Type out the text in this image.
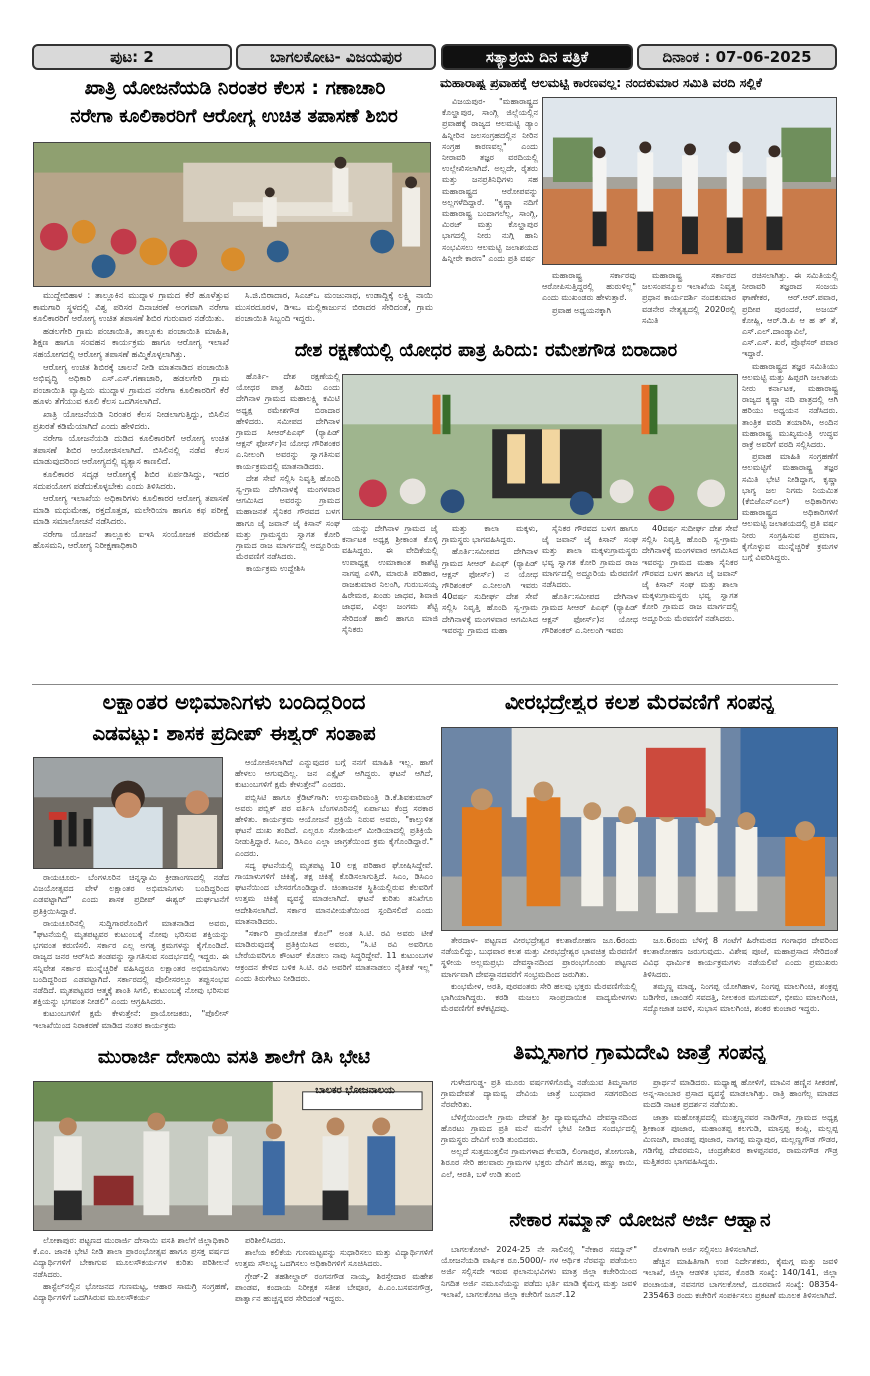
ಪುಟ: 2	ಬಾಗಲಕೋಟ- ವಿಜಯಪುರ	ಸತ್ಯಾಶ್ರಯ ದಿನ ಪತ್ರಿಕೆ	ದಿನಾಂಕ : 07-06-2025
ಖಾತ್ರಿ ಯೋಜನೆಯಡಿ ನಿರಂತರ ಕೆಲಸ : ಗಣಾಚಾರಿ
ನರೇಗಾ ಕೂಲಿಕಾರರಿಗೆ ಆರೋಗ್ಯ ಉಚಿತ ತಪಾಸಣೆ ಶಿಬಿರ

ಮುದ್ದೇಬಿಹಾಳ : ತಾಲ್ಲೂಕಿನ ಮುದ್ನಾಳ ಗ್ರಾಮದ ಕೆರೆ ಹೂಳೆತ್ತುವ ಕಾಮಗಾರಿ ಸ್ಥಳದಲ್ಲಿ ವಿಶ್ವ ಪರಿಸರ ದಿನಾಚರಣೆ ಅಂಗವಾಗಿ ನರೇಗಾ ಕೂಲಿಕಾರರಿಗೆ ಆರೋಗ್ಯ ಉಚಿತ ತಪಾಸಣೆ ಶಿಬಿರ ಗುರುವಾರ ನಡೆಯಿತು.

ಹಡಲಗೇರಿ ಗ್ರಾಮ ಪಂಚಾಯಿತಿ, ತಾಲ್ಲೂಕು ಪಂಚಾಯಿತಿ ಮಾಹಿತಿ, ಶಿಕ್ಷಣ ಹಾಗೂ ಸಂವಹನ ಕಾರ್ಯಕ್ರಮ ಹಾಗೂ ಆರೋಗ್ಯ ಇಲಾಖೆ ಸಹಯೋಗದಲ್ಲಿ ಆರೋಗ್ಯ ತಪಾಸಣೆ ಹಮ್ಮಿಕೊಳ್ಳಲಾಗಿತ್ತು.

ಆರೋಗ್ಯ ಉಚಿತ ಶಿಬಿರಕ್ಕೆ ಚಾಲನೆ ನೀಡಿ ಮಾತನಾಡಿದ ಪಂಚಾಯಿತಿ ಅಭಿವೃದ್ಧಿ ಅಧಿಕಾರಿ ಎಸ್.ಎಸ್.ಗಣಾಚಾರಿ, ಹಡಲಗೇರಿ ಗ್ರಾಮ ಪಂಚಾಯಿತಿ ವ್ಯಾಪ್ತಿಯ ಮುದ್ನಾಳ ಗ್ರಾಮದ ನರೇಗಾ ಕೂಲಿಕಾರರಿಗೆ ಕೆರೆ ಹೂಳು ತೆಗೆಯುವ ಕೂಲಿ ಕೆಲಸ ಒದಗಿಸಲಾಗಿದೆ.

ಖಾತ್ರಿ ಯೋಜನೆಯಡಿ ನಿರಂತರ ಕೆಲಸ ನೀಡಲಾಗುತ್ತಿದ್ದು, ಬಿಸಿಲಿನ ಪ್ರಖರತೆ ಕಡಿಮೆಯಾಗಿದೆ ಎಂದು ಹೇಳಿದರು.

ನರೇಗಾ ಯೋಜನೆಯಡಿ ದುಡಿದ ಕೂಲಿಕಾರರಿಗೆ ಆರೋಗ್ಯ ಉಚಿತ ತಪಾಸಣೆ ಶಿಬಿರ ಆಯೋಜಿಸಲಾಗಿದೆ. ಬಿಸಿಲಿನಲ್ಲಿ ನಡೆವ ಕೆಲಸ ಮಾಡುವುದರಿಂದ ಆರೋಗ್ಯದಲ್ಲಿ ವ್ಯತ್ಯಾಸ ಕಾಣಲಿದೆ.

ಕೂಲಿಕಾರರ ಸದೃಢ ಆರೋಗ್ಯಕ್ಕೆ ಶಿಬಿರ ಏರ್ಪಡಿಸಿದ್ದು, ಇದರ ಸದುಪಯೋಗ ಪಡೆದುಕೊಳ್ಳಬೇಕು ಎಂದು ತಿಳಿಸಿದರು.

ಆರೋಗ್ಯ ಇಲಾಖೆಯ ಅಧಿಕಾರಿಗಳು ಕೂಲಿಕಾರರ ಆರೋಗ್ಯ ತಪಾಸಣೆ ಮಾಡಿ ಮಧುಮೇಹ, ರಕ್ತದೊತ್ತಡ, ಮಲೇರಿಯಾ ಹಾಗೂ ಕಫ ಪರೀಕ್ಷೆ ಮಾಡಿ ಸಮಾಲೋಚನೆ ನಡೆಸಿದರು.

ನರೇಗಾ ಯೋಜನೆ ತಾಲ್ಲೂಕು ಐಇಸಿ ಸಂಯೋಜಕ ಪರಮೇಶ ಹೊಸಮನಿ, ಆರೋಗ್ಯ ನಿರೀಕ್ಷಣಾಧಿಕಾರಿ

ಸಿ.ಜಿ.ಬಿರಾದಾರ, ಸಿಎಚ್‌ಒ ಮಂಜುನಾಥ, ಉಡಾದ್ದಿಕ್ಕೆ ಲಕ್ಷ್ಮಿ ನಾಯಿ ಮುಸರದೂರಳ, ಡಿಇಒ ಮಲ್ಲಿಕಾರ್ಜುನ ಬಿರಾದರ ಸೇರಿದಂತೆ, ಗ್ರಾಮ ಪಂಚಾಯಿತಿ ಸಿಬ್ಬಂದಿ ಇದ್ದರು.

ದೇಶ ರಕ್ಷಣೆಯಲ್ಲಿ ಯೋಧರ ಪಾತ್ರ ಹಿರಿದು: ರಮೇಶಗೌಡ ಬಿರಾದಾರ

ಹೊರ್ತಿ- ದೇಶ ರಕ್ಷಣೆಯಲ್ಲಿ ಯೋಧರ ಪಾತ್ರ ಹಿರಿದು ಎಂದು ದೇಗಿನಾಳ ಗ್ರಾಮದ ಮಹಾಲಕ್ಷ್ಮಿ ಕಮಿಟಿ ಅಧ್ಯಕ್ಷ ರಮೇಶಗೌಡ ಬಿರಾದಾರ ಹೇಳಿದರು. ಸಮೀಪದ ದೇಗಿನಾಳ ಗ್ರಾಮದ ಸೀಆರ್‌ಪಿಎಫ್ (ರ್‍ಯಾಪಿಡ್ ಆಕ್ಷನ್ ಫೋರ್ಸ್)ನ ಯೋಧ ಗೌರಿಶಂಕರ ಎ.ನೀಲಂಗಿ ಅವರನ್ನು ಸ್ವಾಗತಿಸುವ ಕಾರ್ಯಕ್ರಮದಲ್ಲಿ ಮಾತನಾಡಿದರು.

ದೇಶ ಸೇವೆ ಸಲ್ಲಿಸಿ ನಿವೃತ್ತಿ ಹೊಂದಿ ಸ್ವ-ಗ್ರಾಮ ದೇಗಿನಾಳಕ್ಕೆ ಮಂಗಳವಾರ ಆಗಮಿಸಿದ ಅವರನ್ನು ಗ್ರಾಮದ ಮಹಾಜನತೆ ಸೈನಿಕರ ಗೌರವದ ಬಳಗ ಹಾಗೂ ಜೈ ಜವಾನ್ ಜೈ ಕಿಸಾನ್ ಸಂಘ ಮತ್ತು ಗ್ರಾಮಸ್ಥರು ಸ್ವಾಗತ ಕೋರಿ ಗ್ರಾಮದ ರಾಜ ಮಾರ್ಗದಲ್ಲಿ ಅದ್ದೂರಿಯ ಮೆರವಣಿಗೆ ನಡೆಸಿದರು.

ಕಾರ್ಯಕ್ರಮ ಉದ್ದೇಶಿಸಿ

ಯನ್ನು ದೇಗಿನಾಳ ಗ್ರಾಮದ ಜೈ ಕರ್ನಾಟಕ ಅಧ್ಯಕ್ಷ ಶ್ರೀಕಾಂತ ಕೊಳ್ಳಿ ವಹಿಸಿದ್ದರು. ಈ ವೇದಿಕೆಯಲ್ಲಿ ಉಪಾಧ್ಯಕ್ಷ ಉಮಾಕಾಂತ ಕಾಶೆಟ್ಟಿ ನಾಗಪ್ಪ ಎಳಿಗಿ, ಮಾರುತಿ ಪರಿಹಾರ, ರಾಜಕುಮಾರ ನಿಲಂಗಿ, ಗುರುಬಸಯ್ಯ ಹಿರೇಮಠ, ಖಂಡು ಜಾಧವ, ಶಿವಾಜಿ ಜಾಧವ, ವಿಠ್ಠಲ ಜಂಗಮ ಶೆಟ್ಟಿ ಸೇರಿದಂತೆ ಹಾಲಿ ಹಾಗೂ ಮಾಜಿ ಸೈನಿಕರು

ಮತ್ತು ಕಾಲಾ ಮಕ್ಕಳು, ಗ್ರಾಮಸ್ಥರು ಭಾಗವಹಿಸಿದ್ದರು.

ಹೊರ್ತಿ:ಸಮೀಪದ ದೇಗಿನಾಳ ಗ್ರಾಮದ ಸೀಆರ್ ಪಿಎಫ್ (ರ್‍ಯಾಪಿಡ್ ಆಕ್ಷನ್ ಫೋರ್ಸ್) ನ ಯೋಧ ಗೌರಿಶಂಕರ್ ಎ.ನೀಲಂಗಿ ಇವರು 40ವರ್ಷ ಸುದೀರ್ಘ ದೇಶ ಸೇವೆ ಸಲ್ಲಿಸಿ ನಿವೃತ್ತಿ ಹೊಂದಿ ಸ್ವ-ಗ್ರಾಮ ದೇಗಿನಾಳಕ್ಕೆ ಮಂಗಳವಾರ ಆಗಮಿಸಿದ ಇವರನ್ನು ಗ್ರಾಮದ ಮಹಾ

ಸೈನಿಕರ ಗೌರವದ ಬಳಗ ಹಾಗೂ ಜೈ ಜವಾನ್ ಜೈ ಕಿಸಾನ್ ಸಂಘ ಮತ್ತು ಶಾಲಾ ಮಕ್ಕಳುಗ್ರಾಮಸ್ಥರು ಭವ್ಯ ಸ್ವಾಗತ ಕೋರಿ ಗ್ರಾಮದ ರಾಜ ಮಾರ್ಗದಲ್ಲಿ ಅದ್ದೂರಿಯ ಮೆರವಣಿಗೆ ನಡೆಸಿದರು.

ಹೊರ್ತಿ:ಸಮೀಪದ ದೇಗಿನಾಳ ಗ್ರಾಮದ ಸೀಆರ್ ಪಿಎಫ್ (ರ್‍ಯಾಪಿಡ್ ಆಕ್ಷನ್ ಫೋರ್ಸ್)ನ ಯೋಧ ಗೌರಿಶಂಕರ್ ಎ.ನೀಲಂಗಿ ಇವರು

40ವರ್ಷ ಸುದೀರ್ಘ ದೇಶ ಸೇವೆ ಸಲ್ಲಿಸಿ ನಿವೃತ್ತಿ ಹೊಂದಿ ಸ್ವ-ಗ್ರಾಮ ದೇಗಿನಾಳಕ್ಕೆ ಮಂಗಳವಾರ ಆಗಮಿಸಿದ ಇವರನ್ನು ಗ್ರಾಮದ ಮಹಾ ಸೈನಿಕರ ಗೌರವದ ಬಳಗ ಹಾಗೂ ಜೈ ಜವಾನ್ ಜೈ ಕಿಸಾನ್ ಸಂಘ ಮತ್ತು ಶಾಲಾ ಮಕ್ಕಳುಗ್ರಾಮಸ್ಥರು ಭವ್ಯ ಸ್ವಾಗತ ಕೋರಿ ಗ್ರಾಮದ ರಾಜ ಮಾರ್ಗದಲ್ಲಿ ಅದ್ದೂರಿಯ ಮೆರವಣಿಗೆ ನಡೆಸಿದರು.

ಮಹಾರಾಷ್ಟ್ರ ಪ್ರವಾಹಕ್ಕೆ ಆಲಮಟ್ಟಿ ಕಾರಣವಲ್ಲ: ನಂದಕುಮಾರ ಸಮಿತಿ ವರದಿ ಸಲ್ಲಿಕೆ

ವಿಜಯಪುರ- "ಮಹಾರಾಷ್ಟ್ರದ ಕೊಲ್ಹಾಪುರ, ಸಾಂಗ್ಲಿ ಜಿಲ್ಲೆಯಲ್ಲಿನ ಪ್ರವಾಹಕ್ಕೆ ರಾಜ್ಯದ ಆಲಮಟ್ಟಿ ಡ್ಯಾಂ ಹಿನ್ನೀರಿನ ಜಲಸಂಗ್ರಹದಲ್ಲಿನ ನೀರಿನ ಸಂಗ್ರಹ ಕಾರಣವಲ್ಲ" ಎಂದು ನೀರಾವರಿ ತಜ್ಞರ ವರದಿಯಲ್ಲಿ ಉಲ್ಲೇಖಿಸಲಾಗಿದೆ. ಅಲ್ಲದೇ, ರೈತರು ಮತ್ತು ಜನಪ್ರತಿನಿಧಿಗಳು ಸಹ ಮಹಾರಾಷ್ಟ್ರದ ಆರೋಪವನ್ನು ಅಲ್ಲಗಳೆದಿದ್ದಾರೆ. "ಕೃಷ್ಣಾ ನದಿಗೆ ಮಹಾರಾಷ್ಟ್ರ ಬಂದಾಗಲೆಲ್ಲ, ಸಾಂಗ್ಲಿ, ಮಿರಜ್ ಮತ್ತು ಕೊಲ್ಹಾಪುರ ಭಾಗದಲ್ಲಿ ನೀರು ನುಗ್ಗಿ ಹಾನಿ ಸಂಭವಿಸಲು ಆಲಮಟ್ಟಿ ಜಲಾಶಯದ ಹಿನ್ನೀರೇ ಕಾರಣ" ಎಂದು ಪ್ರತಿ ವರ್ಷ

ಮಹಾರಾಷ್ಟ್ರ ಸರ್ಕಾರವು ಆರೋಪಿಸುತ್ತಿದ್ದರಲ್ಲಿ ಹುರುಳಿಲ್ಲ" ಎಂದು ಮುಖಂಡರು ಹೇಳುತ್ತಾರೆ.

ಪ್ರವಾಹ ಅಧ್ಯಯನಕ್ಕಾಗಿ

ಮಹಾರಾಷ್ಟ್ರ ಸರ್ಕಾರದ ಜಲಸಂಪನ್ಮೂಲ ಇಲಾಖೆಯ ನಿವೃತ್ತ ಪ್ರಧಾನ ಕಾರ್ಯದರ್ಶಿ ನಂದಕುಮಾರ ವಡನೇರ ನೇತೃತ್ವದಲ್ಲಿ 2020ರಲ್ಲಿ ಸಮಿತಿ

ರಚಿಸಲಾಗಿತ್ತು. ಈ ಸಮಿತಿಯಲ್ಲಿ ನೀರಾವರಿ ತಜ್ಞರಾದ ಸಂಜಯ ಘಾಣೇಕರ, ಆರ್.ಆರ್.ಪವಾರ, ಪ್ರದೀಪ ಪುರಂದರೆ, ಅಜಯ್ ಕೋಹ್ಲಿ, ಆರ್.ಡಿ.ಪಿ ಆ ಹ ತ್ ತೆ, ಎಸ್.ಎಲ್.ದಾಂಡ್ಯಾವಿಲೆ, ಎಸ್.ಎಸ್. ಖರೆ, ಪ್ರೊಫೆಸರ್ ಪವಾರ ಇದ್ದಾರೆ.

ಮಹಾರಾಷ್ಟ್ರದ ತಜ್ಞರ ಸಮಿತಿಯು ಆಲಮಟ್ಟಿ ಮತ್ತು ಹಿಪ್ಪರಗಿ ಜಲಾಶಯ ನೀರು ಕರ್ನಾಟಕ, ಮಹಾರಾಷ್ಟ್ರ ರಾಜ್ಯದ ಕೃಷ್ಣಾ ನದಿ ಪಾತ್ರದಲ್ಲಿ ಆಗಿ ಹರಿಯು ಅಧ್ಯಯನ ನಡೆಸಿದರು. ತಾಂತ್ರಿಕ ವರದಿ ತಯಾರಿಸಿ, ಅಂದಿನ ಮಹಾರಾಷ್ಟ್ರ ಮುಖ್ಯಮಂತ್ರಿ ಉದ್ಧವ ಠಾಕ್ರೆ ಅವರಿಗೆ ವರದಿ ಸಲ್ಲಿಸಿದರು.

ಪ್ರವಾಹ ಮಾಹಿತಿ ಸಂಗ್ರಹಣೆಗೆ ಆಲಮಟ್ಟಿಗೆ ಮಹಾರಾಷ್ಟ್ರ ತಜ್ಞರ ಸಮಿತಿ ಭೇಟಿ ನೀಡಿದ್ದಾಗ, ಕೃಷ್ಣಾ ಭಾಗ್ಯ ಜಲ ನಿಗಮ ನಿಯಮಿತ (ಕೆಬಿಜೆಎನ್‌ಎಲ್) ಅಧಿಕಾರಿಗಳು ಮಹಾರಾಷ್ಟ್ರದ ಅಧಿಕಾರಿಗಳಿಗೆ ಆಲಮಟ್ಟಿ ಜಲಾಶಯದಲ್ಲಿ ಪ್ರತಿ ವರ್ಷ ನೀರು ಸಂಗ್ರಹಿಸುವ ಪ್ರಮಾಣ, ಕೈಗೊಳ್ಳುವ ಮುನ್ನೆಚ್ಚರಿಕೆ ಕ್ರಮಗಳ ಬಗ್ಗೆ ವಿವರಿಸಿದ್ದರು.

ಲಕ್ಷಾಂತರ ಅಭಿಮಾನಿಗಳು ಬಂದಿದ್ದರಿಂದ
ಎಡವಟ್ಟು: ಶಾಸಕ ಪ್ರದೀಪ್ ಈಶ್ವರ್ ಸಂತಾಪ

ರಾಯಚೂರು- ಬೆಂಗಳೂರಿನ ಚಿನ್ನಸ್ವಾಮಿ ಕ್ರೀಡಾಂಗಣದಲ್ಲಿ ನಡೆದ ವಿಜಯೋತ್ಸವದ ವೇಳೆ ಲಕ್ಷಾಂತರ ಅಭಿಮಾನಿಗಳು ಬಂದಿದ್ದರಿಂದ ಎಡವಟ್ಟಾಗಿದೆ" ಎಂದು ಶಾಸಕ ಪ್ರದೀಪ್ ಈಶ್ವರ್ ದುರ್ಘಟನೆಗೆ ಪ್ರತಿಕ್ರಿಯಿಸಿದ್ದಾರೆ.

ರಾಯಚೂರಿನಲ್ಲಿ ಸುದ್ದಿಗಾರರೊಂದಿಗೆ ಮಾತನಾಡಿದ ಅವರು, "ಘಟನೆಯಲ್ಲಿ ಮೃತಪಟ್ಟವರ ಕುಟುಂಬಕ್ಕೆ ನೋವು ಭರಿಸುವ ಶಕ್ತಿಯನ್ನು ಭಗವಂತ ಕರುಣಿಸಲಿ. ಸರ್ಕಾರ ಎಲ್ಲ ಅಗತ್ಯ ಕ್ರಮಗಳನ್ನು ಕೈಗೊಂಡಿದೆ. ರಾಜ್ಯದ ಜನರ ಆರ್‌ಸಿಬಿ ತಂಡವನ್ನು ಸ್ವಾಗತಿಸುವ ಸಂದರ್ಭದಲ್ಲಿ ಇದ್ದರು. ಈ ಸನ್ನಿವೇಶ ಸರ್ಕಾರ ಮುನ್ನೆಚ್ಚರಿಕೆ ವಹಿಸಿದ್ದರೂ ಲಕ್ಷಾಂತರ ಅಭಿಮಾನಿಗಳು ಬಂದಿದ್ದರಿಂದ ಎಡವಟ್ಟಾಗಿದೆ. ಸರ್ಕಾರದಲ್ಲಿ ಪೊಲೀಸರಲ್ಲೂ ತಪ್ಪುಸಂಭವ ನಡೆದಿದೆ. ಮೃತಪಟ್ಟವರ ಆತ್ಮಕ್ಕೆ ಶಾಂತಿ ಸಿಗಲಿ, ಕುಟುಂಬಕ್ಕೆ ನೋವು ಭರಿಸುವ ಶಕ್ತಿಯನ್ನು ಭಗವಂತ ನೀಡಲಿ" ಎಂದು ಆಗ್ರಹಿಸಿದರು.

ಕುಟುಂಬಗಳಿಗೆ ಕ್ಷಮೆ ಕೇಳುತ್ತೇನೆ: ಪ್ರಾಯೋಜಕರು, "ಪೊಲೀಸ್ ಇಲಾಖೆಯಿಂದ ನಿರಾಕರಣೆ ಮಾಡಿದ ನಂತರ ಕಾರ್ಯಕ್ರಮ

ಆಯೋಜಿಸಲಾಗಿದೆ ಎನ್ನುವುದರ ಬಗ್ಗೆ ನನಗೆ ಮಾಹಿತಿ ಇಲ್ಲ. ಹಾಗೆ ಹೇಳಲು ಆಗುವುದಿಲ್ಲ. ಜನ ಎಕ್ಸೈಟ್ ಆಗಿದ್ದರು. ಘಟನೆ ಆಗಿದೆ, ಕುಟುಂಬಗಳಿಗೆ ಕ್ಷಮೆ ಕೇಳುತ್ತೇನೆ" ಎಂದರು.

ಪಬ್ಲಿಸಿಟಿ ಹಾಗೂ ಕ್ರೆಡಿಟ್‌ಗಾಗಿ: ಉಸ್ತುವಾರಿಮಂತ್ರಿ ಡಿ.ಕೆ.ಶಿವಕುಮಾರ್ ಅವರು ಪಬ್ಲಿಕ್ ಪರ ವರ್ತಿಸಿ ಬೆಂಗಳೂರಿನಲ್ಲಿ ಏರ್ಪಾಟು ಕೆಂದ್ರ ಸರಕಾರ ಹೇಳಿತು. ಕಾರ್ಯಕ್ರಮ ಆಯೋಜನೆ ಪ್ರಕ್ರಿಯೆ ನಿರುವ ಅವರು, "ಕಾಲ್ತುಳಿತ ಘಟನೆ ದುಃಖ ತಂದಿದೆ. ಎಲ್ಲರೂ ಸೋಶಿಯಲ್ ಮೀಡಿಯಾದಲ್ಲಿ ಪ್ರತಿಕ್ರಿಯೆ ನೀಡುತ್ತಿದ್ದಾರೆ. ಸಿಎಂ, ಡಿಸಿಎಂ ಎಲ್ಲಾ ಜಾಗ್ರತೆಯಿಂದ ಕ್ರಮ ಕೈಗೊಂಡಿದ್ದಾರೆ." ಎಂದರು.

ಸದ್ಯ ಘಟನೆಯಲ್ಲಿ ಮೃತಪಟ್ಟ 10 ಲಕ್ಷ ಪರಿಹಾರ ಘೋಷಿಸಿದ್ದೇವೆ. ಗಾಯಾಳುಗಳಿಗೆ ಚಿಕಿತ್ಸೆ, ತಕ್ಷ ಚಿಕಿತ್ಸೆ ಕೊಡಿಸಲಾಗುತ್ತಿದೆ. ಸಿಎಂ, ಡಿಸಿಎಂ ಘಟನೆಯಿಂದ ಬೇಸರಗೊಂಡಿದ್ದಾರೆ. ಚಿಂತಾಜನಕ ಸ್ಥಿತಿಯಲ್ಲಿರುವ ಕೆಲವರಿಗೆ ಉತ್ತಮ ಚಿಕಿತ್ಸೆ ವ್ಯವಸ್ಥೆ ಮಾಡಲಾಗಿದೆ. ಘಟನೆ ಕುರಿತು ತನಿಖೆಗೂ ಆದೇಶಿಸಲಾಗಿದೆ. ಸರ್ಕಾರ ಮಾನವೀಯತೆಯಿಂದ ಸ್ಪಂದಿಸಲಿದೆ ಎಂದು ಮಾತನಾಡಿದರು.

"ಸರ್ಕಾರಿ ಪ್ರಾಯೋಜಿತ ಕೊಲೆ" ಅಂತ ಸಿ.ಟಿ. ರವಿ ಅವರು ಟೀಕೆ ಮಾಡಿರುವುದಕ್ಕೆ ಪ್ರತಿಕ್ರಿಯಿಸಿದ ಅವರು, "ಸಿ.ಟಿ ರವಿ ಅವರಿಗೂ ಬೇರೆಯವರಿಗೂ ಕೌಂಟರ್ ಕೊಡಲು ನಾವು ಸಿದ್ಧರಿದ್ದೇವೆ. 11 ಕುಟುಂಬಗಳ ಆಕ್ರಂದನ ಕೇಳಿದ ಬಳಿಕ ಸಿ.ಟಿ. ರವಿ ಅವರಿಗೆ ಮಾತನಾಡಲು ನೈತಿಕತೆ ಇಲ್ಲ" ಎಂದು ತಿರುಗೇಟು ನೀಡಿದರು.

ವೀರಭದ್ರೇಶ್ವರ ಕಲಶ ಮೆರವಣಿಗೆ ಸಂಪನ್ನ

ತೇರದಾಳ- ಪಟ್ಟಣದ ವೀರಭದ್ರೇಶ್ವರ ಕಲಶಾರೋಹಣ ಜೂ.6ರಂದು ನಡೆಯಲಿದ್ದು, ಬುಧವಾರ ಕಲಶ ಮತ್ತು ವೀರಭದ್ರೇಶ್ವರ ಭಾವಚಿತ್ರ ಮೆರವಣಿಗೆ ಸ್ಥಳೀಯ ಅಲ್ಲಮಪ್ರಭು ದೇವಸ್ಥಾನದಿಂದ ಪ್ರಾರಂಭಗೊಂಡು ಪಟ್ಟಣದ ಮಾರ್ಗವಾಗಿ ದೇವಸ್ಥಾನದವರೆಗೆ ಸಂಭ್ರಮದಿಂದ ಜರುಗಿತು.

ಕುಂಭಮೇಳ, ಅರತಿ, ಪುರವಂತರು ಸೇರಿ ಹಲವು ಭಕ್ತರು ಮೆರವಣಿಗೆಯಲ್ಲಿ ಭಾಗಿಯಾಗಿದ್ದರು. ಕರಡಿ ಮಜಲು ಸಾಂಪ್ರದಾಯಿಕ ವಾದ್ಯಮೇಳಗಳು ಮೆರವಣಿಗೆಗೆ ಕಳೆಕಟ್ಟಿದವು.

ಜೂ.6ರಂದು ಬೆಳಿಗ್ಗೆ 8 ಗಂಟೆಗೆ ಹಿರೇಮಠದ ಗಂಗಾಧರ ದೇವರಿಂದ ಕಲಶಾರೋಹಣ ಜರುಗುವುದು. ವಿಶೇಷ ಪೂಜೆ, ಮಹಾಪ್ರಸಾದ ಸೇರಿದಂತೆ ವಿವಿಧ ಧಾರ್ಮಿಕ ಕಾರ್ಯಕ್ರಮಗಳು ನಡೆಯಲಿವೆ ಎಂದು ಪ್ರಮುಖರು ತಿಳಿಸಿದರು.

ತಮ್ಮಣ್ಣ ಮಾಡ್ಯ, ನಿಂಗಪ್ಪ ಯೋಗಿಹಾಳ, ನಿಂಗಪ್ಪ ಮಾಲಗಿಂಚಿ, ಶಂಕ್ರಪ್ಪ ಬಡಿಗೇರ, ಚಾಂಡಲಿ ಸವದತ್ತಿ, ನೀಲಕಂಠ ಮಗದುಮ್, ಭೀಮು ಮಾಲಗಿಂಚಿ, ಸದ್ಯೋಜಾತ ಜವಳಿ, ಸುಭಾಸ ಮಾಲಗಿಂಚಿ, ಶಂಕರ ಕುಂಚಾರ ಇದ್ದರು.

ಮುರಾರ್ಜಿ ದೇಸಾಯಿ ವಸತಿ ಶಾಲೆಗೆ ಡಿಸಿ ಭೇಟಿ
ಬಾಲಕರ ಭೋಜನಾಲಯ

ಲೋಕಾಪುರ: ಪಟ್ಟಣದ ಮುರಾರ್ಜಿ ದೇಸಾಯಿ ವಸತಿ ಶಾಲೆಗೆ ಜಿಲ್ಲಾಧಿಕಾರಿ ಕೆ.ಎಂ. ಜಾನಕಿ ಭೇಟಿ ನೀಡಿ ಶಾಲಾ ಪ್ರಾರಂಭೋತ್ಸವ ಹಾಗೂ ಪ್ರಸಕ್ತ ವರ್ಷದ ವಿದ್ಯಾರ್ಥಿಗಳಿಗೆ ಬೇಕಾಗುವ ಮೂಲಸೌಕರ್ಯಗಳ ಕುರಿತು ಪರಿಶೀಲನೆ ನಡೆಸಿದರು.

ಹಾಸ್ಟೆಲ್‌ನಲ್ಲಿನ ಭೋಜನದ ಗುಣಮಟ್ಟ, ಆಹಾರ ಸಾಮಗ್ರಿ ಸಂಗ್ರಹಣೆ, ವಿದ್ಯಾರ್ಥಿಗಳಿಗೆ ಒದಗಿಸಿರುವ ಮೂಲಸೌಕರ್ಯ

ಪರಿಶೀಲಿಸಿದರು.

ಶಾಲೆಯ ಕಲಿಕೆಯ ಗುಣಮಟ್ಟವನ್ನು ಸುಧಾರಿಸಲು ಮತ್ತು ವಿದ್ಯಾರ್ಥಿಗಳಿಗೆ ಉತ್ತಮ ಸೌಲಭ್ಯ ಒದಗಿಸಲು ಅಧಿಕಾರಿಗಳಿಗೆ ಸೂಚಿಸಿದರು.

ಗ್ರೇಡ್-2 ತಹಶೀಲ್ದಾರ್ ರಂಗನಗೌಡ ನಾಯ್ಕ, ಶಿರಸ್ತೇದಾರ ಮಹೇಶ ಪಾಂಡವ, ಕಂದಾಯ ನಿರೀಕ್ಷಕ ಸತೀಶ ಬೇವೂರ, ಪಿ.ಎಂ.ಬಸವನಗೌಡ್ರ, ಪಾರ್ತ್ವಾನ ಹುಚ್ಚನ್ನವರ ಸೇರಿದಂತೆ ಇದ್ದರು.

ತಿಮ್ಮಸಾಗರ ಗ್ರಾಮದೇವಿ ಜಾತ್ರೆ ಸಂಪನ್ನ

ಗುಳೇದಗುಡ್ಡ- ಪ್ರತಿ ಮೂರು ವರ್ಷಗಳಿಗೊಮ್ಮೆ ನಡೆಯುವ ತಿಮ್ಮಸಾಗರ ಗ್ರಾಮದೇವತೆ ದ್ಯಾಮವ್ವ ದೇವಿಯ ಜಾತ್ರೆ ಬುಧವಾರ ಸಡಗರದಿಂದ ನೆರವೇರಿತು.

ಬೆಳಿಗ್ಗೆಯಿಂದಲೇ ಗ್ರಾಮ ದೇವತೆ ಶ್ರೀ ದ್ಯಾಮವ್ವದೇವಿ ದೇವಸ್ಥಾನದಿಂದ ಹೊರಟು ಗ್ರಾಮದ ಪ್ರತಿ ಮನೆ ಮನೆಗೆ ಭೇಟಿ ನೀಡಿದ ಸಂದರ್ಭದಲ್ಲಿ ಗ್ರಾಮಸ್ಥರು ದೇವಿಗೆ ಉಡಿ ತುಂಬಿದರು.

ಅಲ್ಲದೆ ಸುತ್ತಮುತ್ತಲಿನ ಗ್ರಾಮಗಳಾದ ಕೆಲವಡಿ, ಲಿಂಗಾಪುರ, ತೋಗುಣಶಿ, ಶಿರೂರ ಸೇರಿ ಹಲವಾರು ಗ್ರಾಮಗಳ ಭಕ್ತರು ದೇವಿಗೆ ಹೂವು, ಹಣ್ಣು ಕಾಯಿ, ಎಲೆ, ಆರತಿ, ಬಳೆ ಉಡಿ ತುಂಬಿ

ಪ್ರಾರ್ಥನೆ ಮಾಡಿದರು. ಮಧ್ಯಾಹ್ನ ಹೋಳಿಗೆ, ಮಾವಿನ ಹಣ್ಣಿನ ಸೀಕರಣೆ, ಅನ್ನ-ಸಾಂಬಾರ ಪ್ರಸಾದ ವ್ಯವಸ್ಥೆ ಮಾಡಲಾಗಿತ್ತು. ರಾತ್ರಿ ಹಾಂಗೆಲ್ಲ ಮಾಡದ ಮದಡಿ ನಾಟಕ ಪ್ರದರ್ಶನ ನಡೆಯಿತು.

ಜಾತ್ರಾ ಮಹೋತ್ಸವದಲ್ಲಿ ಮುತ್ತಣ್ಣನವರ ನಾಡಿಗೌಡ, ಗ್ರಾಮದ ಅಧ್ಯಕ್ಷ ಶ್ರೀಕಾಂತ ಪೂಜಾರ, ಮಹಾಂತಪ್ಪ ಕಲಗುಡಿ, ಮಾಸ್ತಪ್ಪ ಕಂಪ್ಲಿ, ಮಲ್ಲಪ್ಪ ಮಿಣಜಗಿ, ಪಾಂಡಪ್ಪ ಪೂಜಾರ, ನಾಗಪ್ಪ ಮನ್ನಾಪುರ, ಮಲ್ಲಣ್ಣಗೌಡ ಗೌಡರ, ಗಡಿಗೆಪ್ಪ ದೇವರಮನಿ, ಚಂದ್ರಶೇಖರ ಕಾಳಪ್ಪನವರ, ರಾಮನಗೌಡ ಗೌಡ್ರ ಮತ್ತಿತರರು ಭಾಗವಹಿಸಿದ್ದರು.

ನೇಕಾರ ಸಮ್ಮಾನ್ ಯೋಜನೆ ಅರ್ಜಿ ಆಹ್ವಾನ

ಬಾಗಲಕೋಟೆ- 2024-25 ನೇ ಸಾಲಿನಲ್ಲಿ "ನೇಕಾರ ಸಮ್ಮಾನ್" ಯೋಜನೆಯಡಿ ವಾರ್ಷಿಕ ರೂ.5000/- ಗಳ ಆರ್ಥಿಕ ನೆರವನ್ನು ಪಡೆಯಲು ಅರ್ಜಿ ಸಲ್ಲಿಸದೇ ಇರುವ ಫಲಾನುಭವಿಗಳು ಮಾತ್ರ ಜಿಲ್ಲಾ ಕಚೇರಿಯಿಂದ ನಿಗದಿತ ಅರ್ಜಿ ನಮೂನೆಯನ್ನು ಪಡೆದು ಭರ್ತಿ ಮಾಡಿ ಕೈಮಗ್ಗ ಮತ್ತು ಜವಳಿ ಇಲಾಖೆ, ಬಾಗಲಕೋಟ ಜಿಲ್ಲಾ ಕಚೇರಿಗೆ ಜೂನ್.12

ರೊಳಗಾಗಿ ಅರ್ಜಿ ಸಲ್ಲಿಸಲು ತಿಳಿಸಲಾಗಿದೆ.

ಹೆಚ್ಚಿನ ಮಾಹಿತಿಗಾಗಿ ಉಪ ನಿರ್ದೇಶಕರು, ಕೈಮಗ್ಗ ಮತ್ತು ಜವಳಿ ಇಲಾಖೆ, ಜಿಲ್ಲಾ ಆಡಳಿತ ಭವನ, ಕೊಠಡಿ ಸಂಖ್ಯೆ: 140/141, ಜಿಲ್ಲಾ ಪಂಚಾಯತ, ನವನಗರ ಬಾಗಲಕೋಟೆ, ದೂರವಾಣಿ ಸಂಖ್ಯೆ: 08354-235463 ರಂದು ಕಚೇರಿಗೆ ಸಂಪರ್ಕಿಸಲು ಪ್ರಕಟಣೆ ಮೂಲಕ ತಿಳಿಸಲಾಗಿದೆ.
